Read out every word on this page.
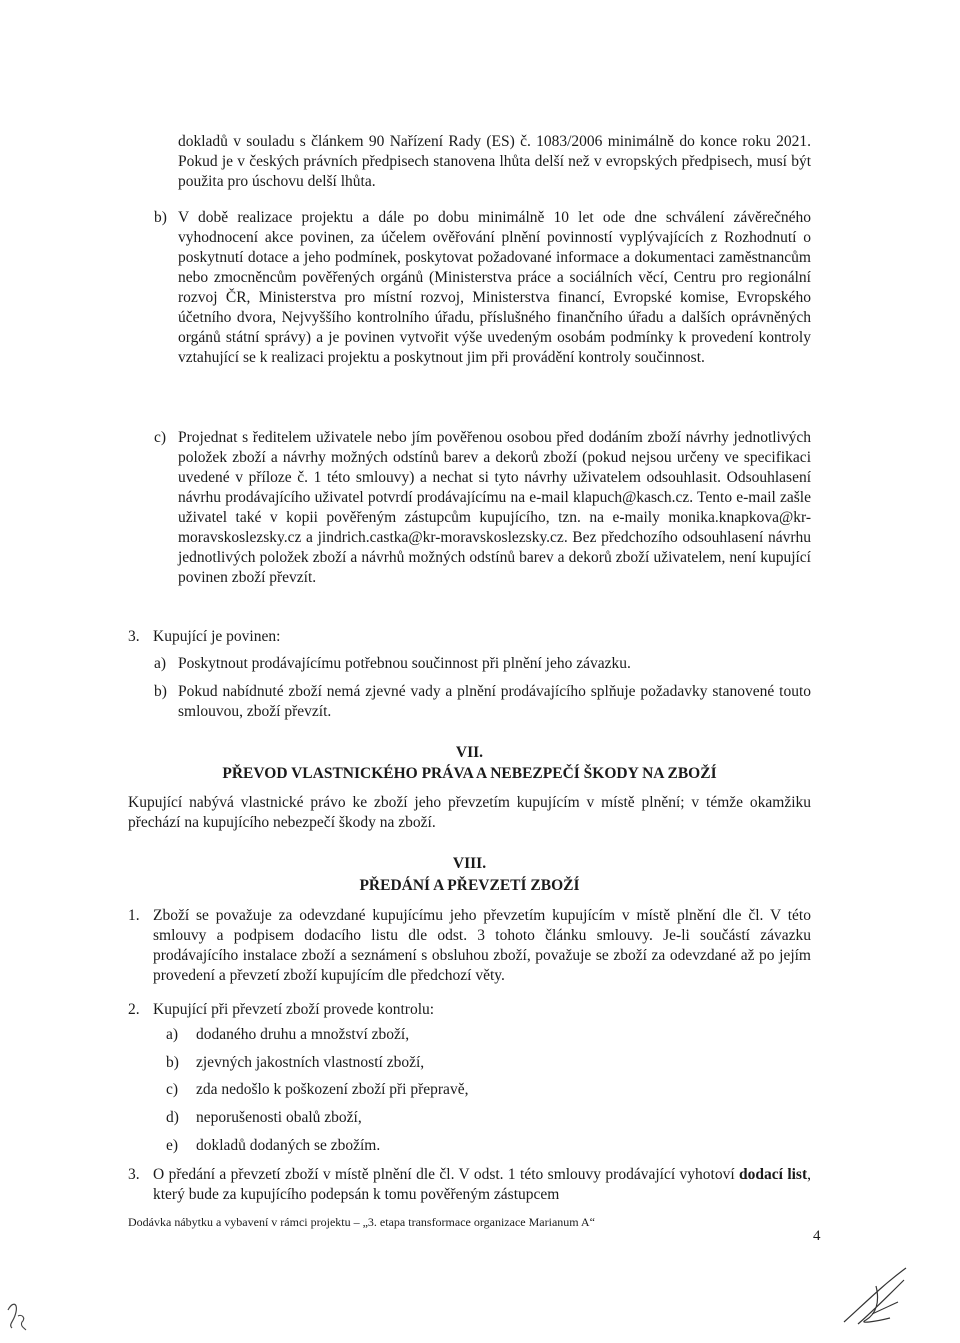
dokladů v souladu s článkem 90 Nařízení Rady (ES) č. 1083/2006 minimálně do konce roku 2021. Pokud je v českých právních předpisech stanovena lhůta delší než v evropských předpisech, musí být použita pro úschovu delší lhůta.
b) V době realizace projektu a dále po dobu minimálně 10 let ode dne schválení závěrečného vyhodnocení akce povinen, za účelem ověřování plnění povinností vyplývajících z Rozhodnutí o poskytnutí dotace a jeho podmínek, poskytovat požadované informace a dokumentaci zaměstnancům nebo zmocněncům pověřených orgánů (Ministerstva práce a sociálních věcí, Centru pro regionální rozvoj ČR, Ministerstva pro místní rozvoj, Ministerstva financí, Evropské komise, Evropského účetního dvora, Nejvyššího kontrolního úřadu, příslušného finančního úřadu a dalších oprávněných orgánů státní správy) a je povinen vytvořit výše uvedeným osobám podmínky k provedení kontroly vztahující se k realizaci projektu a poskytnout jim při provádění kontroly součinnost.
c) Projednat s ředitelem uživatele nebo jím pověřenou osobou před dodáním zboží návrhy jednotlivých položek zboží a návrhy možných odstínů barev a dekorů zboží (pokud nejsou určeny ve specifikaci uvedené v příloze č. 1 této smlouvy) a nechat si tyto návrhy uživatelem odsouhlasit. Odsouhlasení návrhu prodávajícího uživatel potvrdí prodávajícímu na e-mail klapuch@kasch.cz. Tento e-mail zašle uživatel také v kopii pověřeným zástupcům kupujícího, tzn. na e-maily monika.knapkova@kr-moravskoslezsky.cz a jindrich.castka@kr-moravskoslezsky.cz. Bez předchozího odsouhlasení návrhu jednotlivých položek zboží a návrhů možných odstínů barev a dekorů zboží uživatelem, není kupující povinen zboží převzít.
3. Kupující je povinen:
a) Poskytnout prodávajícímu potřebnou součinnost při plnění jeho závazku.
b) Pokud nabídnuté zboží nemá zjevné vady a plnění prodávajícího splňuje požadavky stanovené touto smlouvou, zboží převzít.
VII.
PŘEVOD VLASTNICKÉHO PRÁVA A NEBEZPEČÍ ŠKODY NA ZBOŽÍ
Kupující nabývá vlastnické právo ke zboží jeho převzetím kupujícím v místě plnění; v témže okamžiku přechází na kupujícího nebezpečí škody na zboží.
VIII.
PŘEDÁNÍ A PŘEVZETÍ ZBOŽÍ
1. Zboží se považuje za odevzdané kupujícímu jeho převzetím kupujícím v místě plnění dle čl. V této smlouvy a podpisem dodacího listu dle odst. 3 tohoto článku smlouvy. Je-li součástí závazku prodávajícího instalace zboží a seznámení s obsluhou zboží, považuje se zboží za odevzdané až po jejím provedení a převzetí zboží kupujícím dle předchozí věty.
2. Kupující při převzetí zboží provede kontrolu:
a) dodaného druhu a množství zboží,
b) zjevných jakostních vlastností zboží,
c) zda nedošlo k poškození zboží při přepravě,
d) neporušenosti obalů zboží,
e) dokladů dodaných se zbožím.
3. O předání a převzetí zboží v místě plnění dle čl. V odst. 1 této smlouvy prodávající vyhotoví dodací list, který bude za kupujícího podepsán k tomu pověřeným zástupcem
Dodávka nábytku a vybavení v rámci projektu – „3. etapa transformace organizace Marianum A“
4
